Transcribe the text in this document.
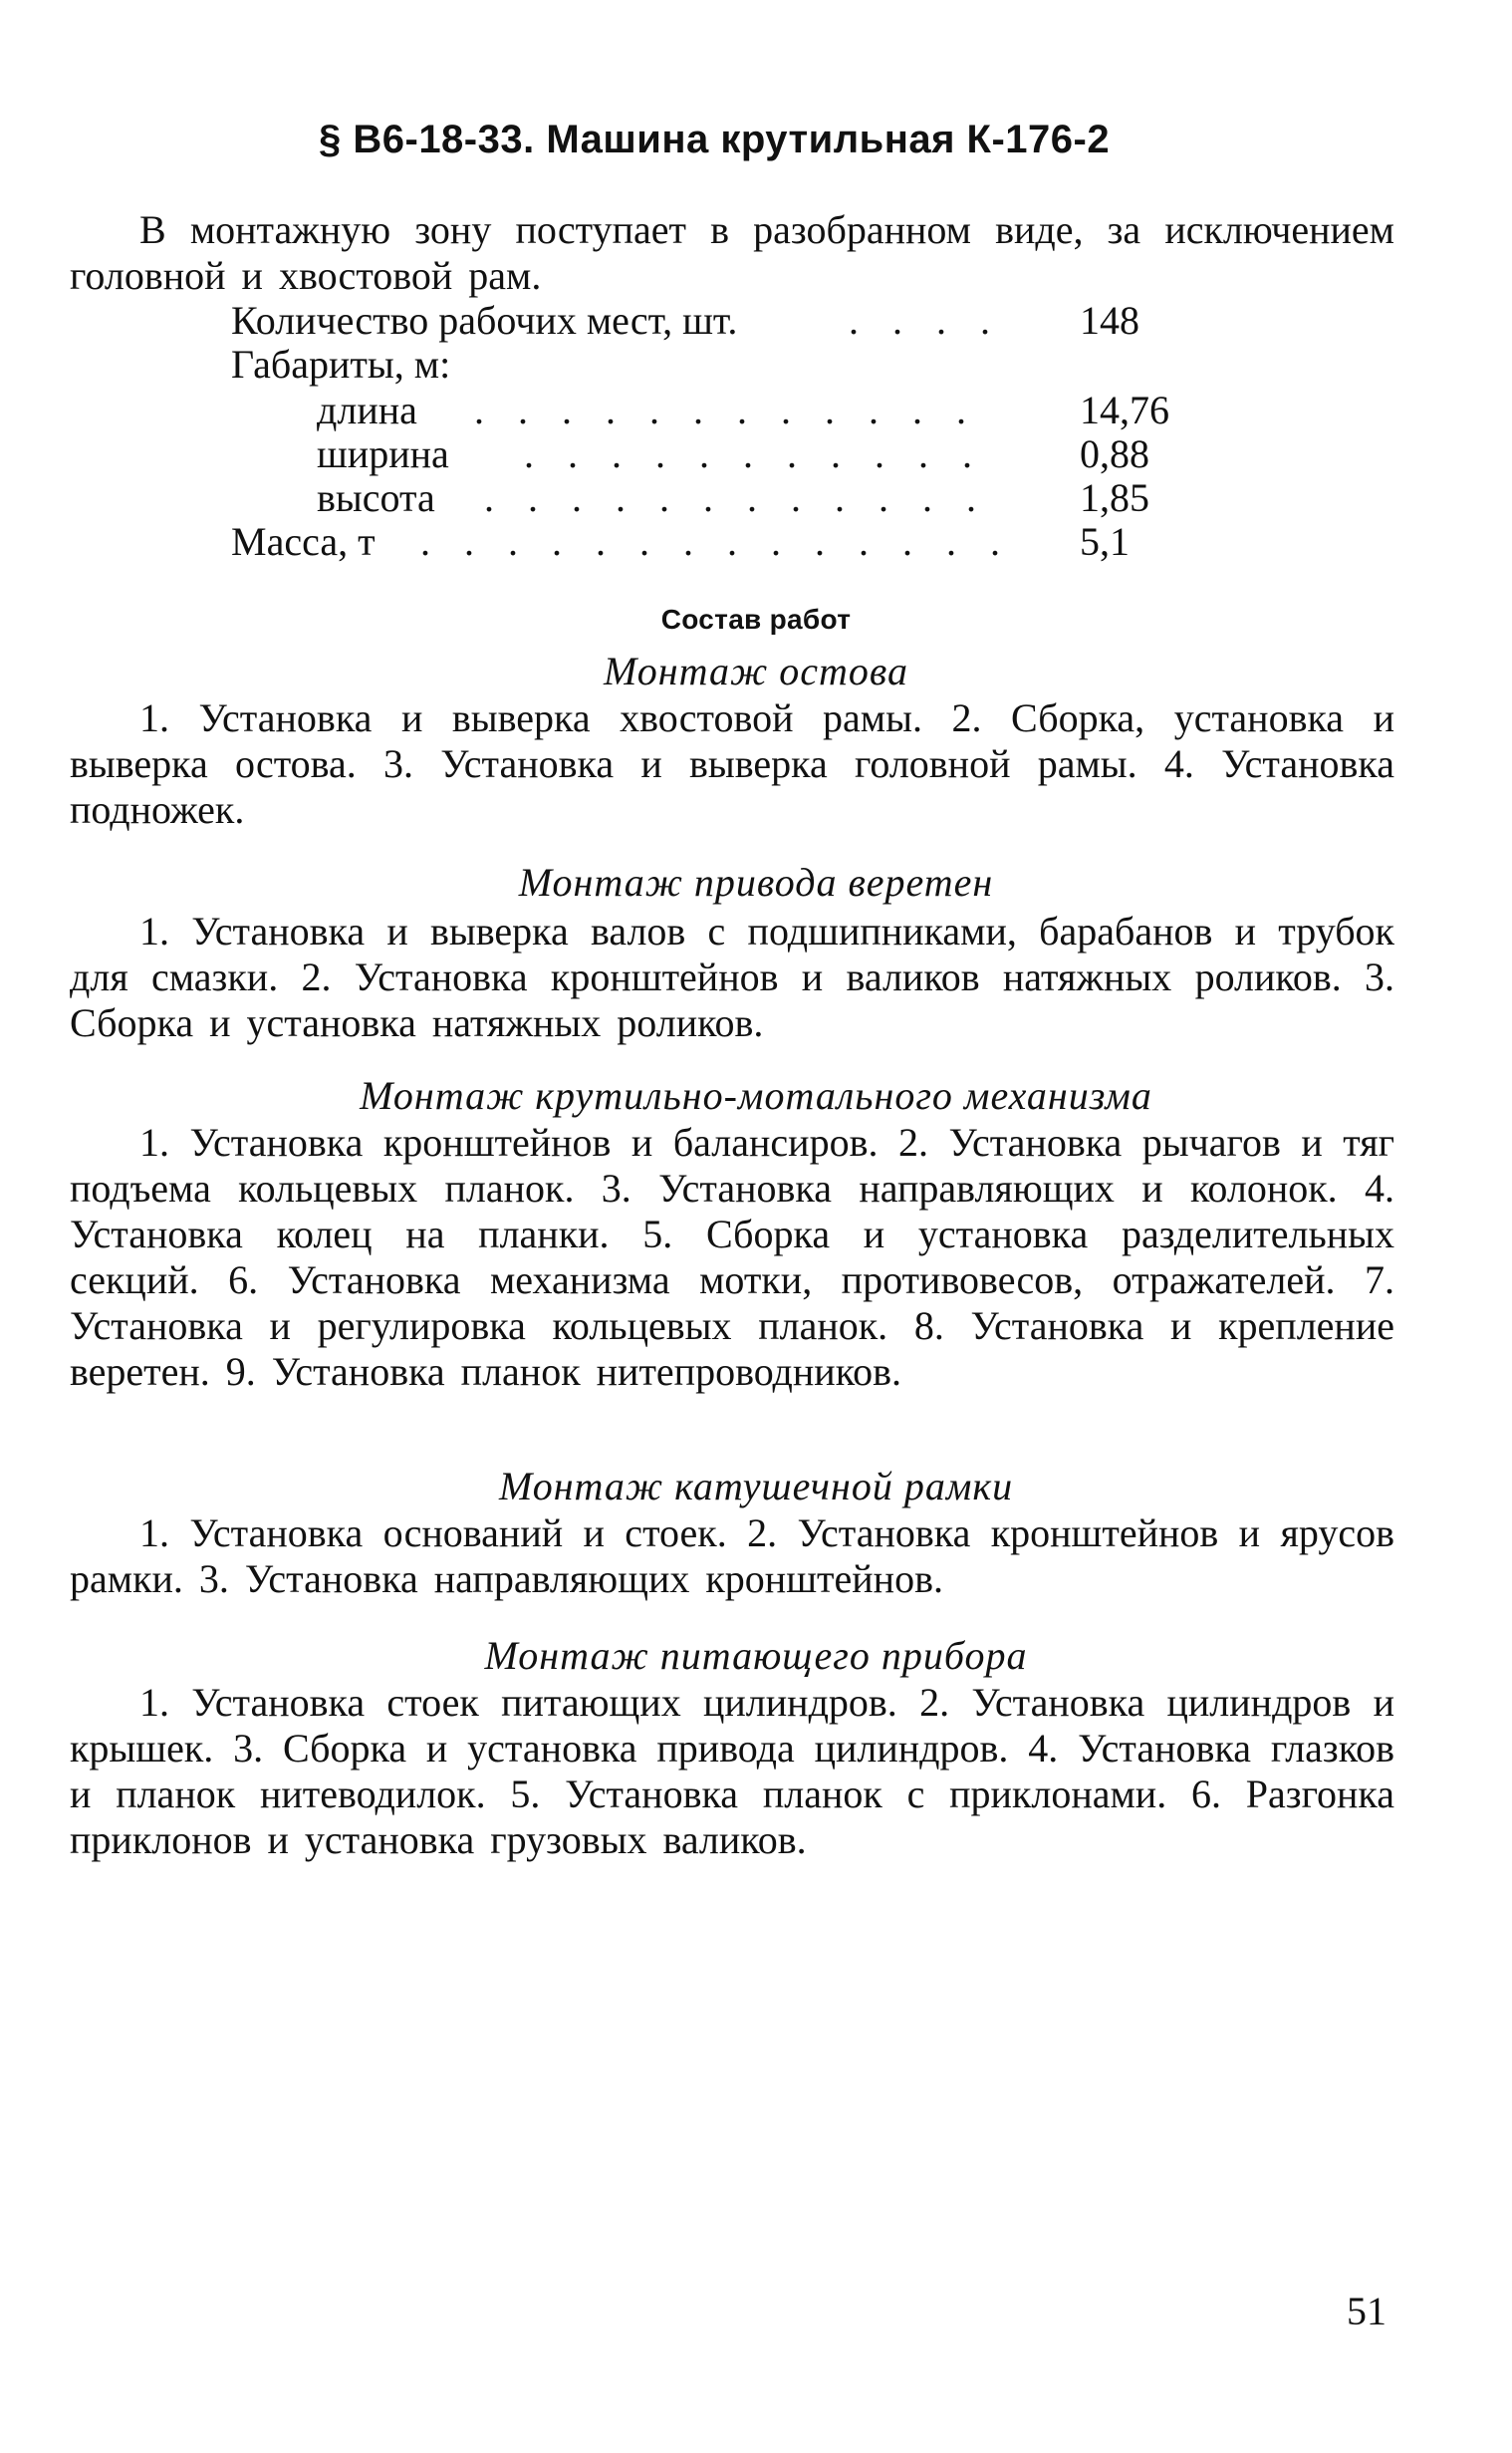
§ В6-18-33. Машина крутильная К-176-2
В монтажную зону поступает в разобранном виде, за исключением головной и хвостовой рам.
Количество рабочих мест, шт.	. . . . 148
Габариты, м:
длина . . . . . . . . . . . .	14,76
ширина . . . . . . . . . . . 0,88
высота . . . . . . . . . . . . 1,85
Масса, т . . . . . . . . . . . . . . 5,1
Состав работ
Монтаж остова
1. Установка и выверка хвостовой рамы. 2. Сборка, установка и выверка остова. 3. Установка и выверка головной рамы. 4. Установка подножек.
Монтаж привода веретен
1. Установка и выверка валов с подшипниками, барабанов и трубок для смазки. 2. Установка кронштейнов и валиков натяжных роликов. 3. Сборка и установка натяжных роликов.
Монтаж крутильно-мотального механизма
1. Установка кронштейнов и балансиров. 2. Установка рычагов и тяг подъема кольцевых планок. 3. Установка направляющих и колонок. 4. Установка колец на планки. 5. Сборка и установка разделительных секций. 6. Установка механизма мотки, противовесов, отражателей. 7. Установка и регулировка кольцевых планок. 8. Установка и крепление веретен. 9. Установка планок нитепроводников.
Монтаж катушечной рамки
1. Установка оснований и стоек. 2. Установка кронштейнов и ярусов рамки. 3. Установка направляющих кронштейнов.
Монтаж питающего прибора
1. Установка стоек питающих цилиндров. 2. Установка цилиндров и крышек. 3. Сборка и установка привода цилиндров. 4. Установка глазков и планок нитеводилок. 5. Установка планок с приклонами. 6. Разгонка приклонов и установка грузовых валиков.
51
